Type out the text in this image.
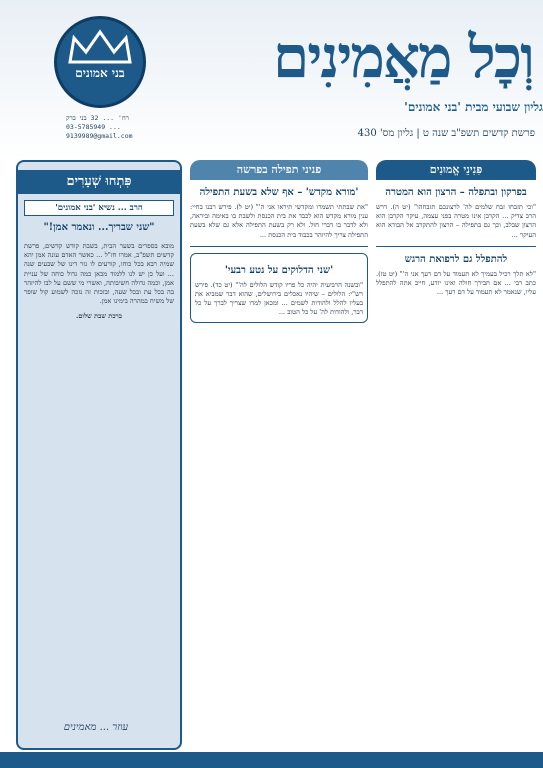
בני אמונים
רח' ... 32 בני ברק
03-5785949 ...
9139989@gmail.com
וְכׇל מַאֲמִינִים
גליון שבועי מבית 'בני אמונים'
פרשת קדשים תשפ"ב שנה ט | גליון מס' 430
פִּתְחוּ שְׁעָרִים
הרב ... נשיא 'בני אמונים'
"שני שבריך... ונאמר אמן!"

מובא בספרים בשער הבית, בשבת קודש קדשים, פרשת קדשים תשפ"ב, אמרו חז"ל ... כאשר האדם עונה אמן יהא שמיה רבא בכל כוחו, קורעים לו גזר דינו של שבעים שנה ... ועל כן יש לנו ללמוד מכאן כמה גדול כוחה של עניית אמן, וכמה גדולה חשיבותה, ואשרי מי ששם על לבו להיזהר בה בכל עת ובכל שעה, ובזכות זה נזכה לשמוע קול שופר של משיח במהרה בימינו אמן.

ברכת שבת שלום.

עוזר ... מאמינים
פניני תפילה בפרשה	פִּנִינֵי אֱמוּנִים
'מורא מקדש' – אף שלא בשעת התפילה
"את שבתתי תשמרו ומקדשי תיראו אני ה'" (יט ל). פירש רבנו בחיי: ענין מורא מקדש הוא לכבד את בית הכנסת ולשבת בו באימה וביראה, ולא לדבר בו דברי חול. ולא רק בשעת התפילה אלא גם שלא בשעת התפילה צריך להיזהר בכבוד בית הכנסת ...
'שני הדלוקים על נטע רבעי'
"ובשנה הרביעית יהיה כל פריו קודש הלולים לה'" (יט כד). פירש רש"י: הלולים – שיהיו נאכלים בירושלים, שהוא דבר שמביא את בעליו להלל ולהודות לשמים ... ומכאן למדו שצריך לברך על כל דבר, ולהודות לה' על כל הטוב ...
בפרקון ובתפלה – הרצון הוא המטרה
"וכי תזבחו זבח שלמים לה' לרצונכם תזבחהו" (יט ה). דרש הרב צדיק ... הקרבן אינו מטרה בפני עצמה, עיקר הקרבן הוא הרצון שבלב, וכך גם בתפילה – הרצון להתקרב אל הבורא הוא העיקר ...
להתפלל גם לרפואת הרגש
"לא תלך רכיל בעמיך לא תעמוד על דם רעך אני ה'" (יט טז). כתב רבי ... אם חבירך חולה ואינו יודע, חייב אתה להתפלל עליו, שנאמר לא תעמוד על דם רעך ...
